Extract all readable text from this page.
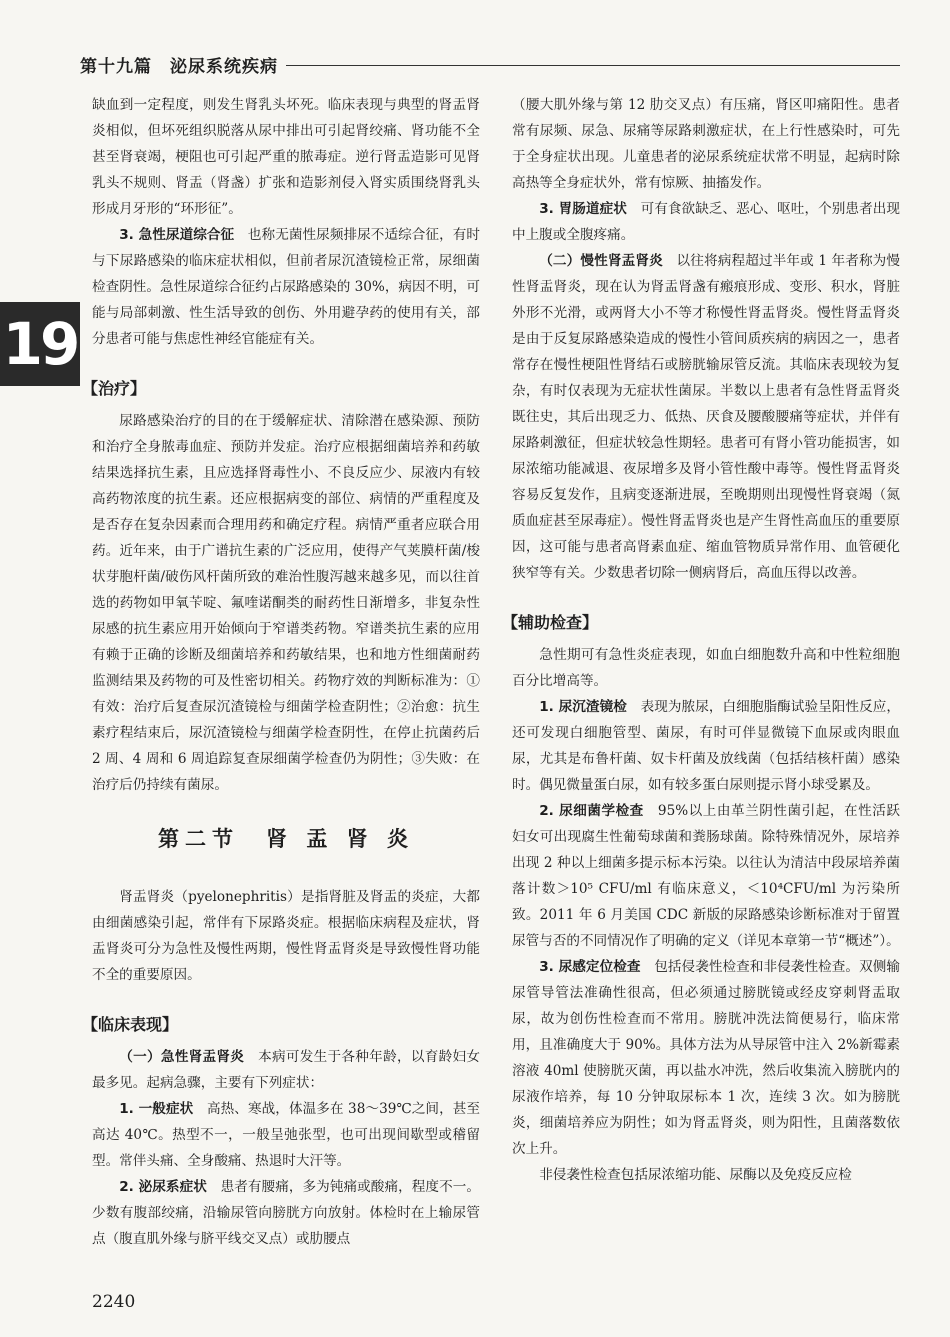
第十九篇　泌尿系统疾病
19

缺血到一定程度，则发生肾乳头坏死。临床表现与典型的肾盂肾炎相似，但坏死组织脱落从尿中排出可引起肾绞痛、肾功能不全甚至肾衰竭，梗阻也可引起严重的脓毒症。逆行肾盂造影可见肾乳头不规则、肾盂（肾盏）扩张和造影剂侵入肾实质围绕肾乳头形成月牙形的“环形征”。

3. 急性尿道综合征　也称无菌性尿频排尿不适综合征，有时与下尿路感染的临床症状相似，但前者尿沉渣镜检正常，尿细菌检查阴性。急性尿道综合征约占尿路感染的 30%，病因不明，可能与局部刺激、性生活导致的创伤、外用避孕药的使用有关，部分患者可能与焦虑性神经官能症有关。

【治疗】

尿路感染治疗的目的在于缓解症状、清除潜在感染源、预防和治疗全身脓毒血症、预防并发症。治疗应根据细菌培养和药敏结果选择抗生素，且应选择肾毒性小、不良反应少、尿液内有较高药物浓度的抗生素。还应根据病变的部位、病情的严重程度及是否存在复杂因素而合理用药和确定疗程。病情严重者应联合用药。近年来，由于广谱抗生素的广泛应用，使得产气荚膜杆菌/梭状芽胞杆菌/破伤风杆菌所致的难治性腹泻越来越多见，而以往首选的药物如甲氧苄啶、氟喹诺酮类的耐药性日渐增多，非复杂性尿感的抗生素应用开始倾向于窄谱类药物。窄谱类抗生素的应用有赖于正确的诊断及细菌培养和药敏结果，也和地方性细菌耐药监测结果及药物的可及性密切相关。药物疗效的判断标准为：①有效：治疗后复查尿沉渣镜检与细菌学检查阴性；②治愈：抗生素疗程结束后，尿沉渣镜检与细菌学检查阴性，在停止抗菌药后 2 周、4 周和 6 周追踪复查尿细菌学检查仍为阴性；③失败：在治疗后仍持续有菌尿。

第二节　肾 盂 肾 炎

肾盂肾炎（pyelonephritis）是指肾脏及肾盂的炎症，大都由细菌感染引起，常伴有下尿路炎症。根据临床病程及症状，肾盂肾炎可分为急性及慢性两期，慢性肾盂肾炎是导致慢性肾功能不全的重要原因。

【临床表现】

（一）急性肾盂肾炎　本病可发生于各种年龄，以育龄妇女最多见。起病急骤，主要有下列症状：

1. 一般症状　高热、寒战，体温多在 38～39℃之间，甚至高达 40℃。热型不一，一般呈弛张型，也可出现间歇型或稽留型。常伴头痛、全身酸痛、热退时大汗等。

2. 泌尿系症状　患者有腰痛，多为钝痛或酸痛，程度不一。少数有腹部绞痛，沿输尿管向膀胱方向放射。体检时在上输尿管点（腹直肌外缘与脐平线交叉点）或肋腰点

（腰大肌外缘与第 12 肋交叉点）有压痛，肾区叩痛阳性。患者常有尿频、尿急、尿痛等尿路刺激症状，在上行性感染时，可先于全身症状出现。儿童患者的泌尿系统症状常不明显，起病时除高热等全身症状外，常有惊厥、抽搐发作。

3. 胃肠道症状　可有食欲缺乏、恶心、呕吐，个别患者出现中上腹或全腹疼痛。

（二）慢性肾盂肾炎　以往将病程超过半年或 1 年者称为慢性肾盂肾炎，现在认为肾盂肾盏有瘢痕形成、变形、积水，肾脏外形不光滑，或两肾大小不等才称慢性肾盂肾炎。慢性肾盂肾炎是由于反复尿路感染造成的慢性小管间质疾病的病因之一，患者常存在慢性梗阻性肾结石或膀胱输尿管反流。其临床表现较为复杂，有时仅表现为无症状性菌尿。半数以上患者有急性肾盂肾炎既往史，其后出现乏力、低热、厌食及腰酸腰痛等症状，并伴有尿路刺激征，但症状较急性期轻。患者可有肾小管功能损害，如尿浓缩功能减退、夜尿增多及肾小管性酸中毒等。慢性肾盂肾炎容易反复发作，且病变逐渐进展，至晚期则出现慢性肾衰竭（氮质血症甚至尿毒症）。慢性肾盂肾炎也是产生肾性高血压的重要原因，这可能与患者高肾素血症、缩血管物质异常作用、血管硬化狭窄等有关。少数患者切除一侧病肾后，高血压得以改善。

【辅助检查】

急性期可有急性炎症表现，如血白细胞数升高和中性粒细胞百分比增高等。

1. 尿沉渣镜检　表现为脓尿，白细胞脂酶试验呈阳性反应，还可发现白细胞管型、菌尿，有时可伴显微镜下血尿或肉眼血尿，尤其是布鲁杆菌、奴卡杆菌及放线菌（包括结核杆菌）感染时。偶见微量蛋白尿，如有较多蛋白尿则提示肾小球受累及。

2. 尿细菌学检查　95%以上由革兰阴性菌引起，在性活跃妇女可出现腐生性葡萄球菌和粪肠球菌。除特殊情况外，尿培养出现 2 种以上细菌多提示标本污染。以往认为清洁中段尿培养菌落计数＞10⁵ CFU/ml 有临床意义，＜10⁴CFU/ml 为污染所致。2011 年 6 月美国 CDC 新版的尿路感染诊断标准对于留置尿管与否的不同情况作了明确的定义（详见本章第一节“概述”）。

3. 尿感定位检查　包括侵袭性检查和非侵袭性检查。双侧输尿管导管法准确性很高，但必须通过膀胱镜或经皮穿刺肾盂取尿，故为创伤性检查而不常用。膀胱冲洗法简便易行，临床常用，且准确度大于 90%。具体方法为从导尿管中注入 2%新霉素溶液 40ml 使膀胱灭菌，再以盐水冲洗，然后收集流入膀胱内的尿液作培养，每 10 分钟取尿标本 1 次，连续 3 次。如为膀胱炎，细菌培养应为阴性；如为肾盂肾炎，则为阳性，且菌落数依次上升。

非侵袭性检查包括尿浓缩功能、尿酶以及免疫反应检

2240
